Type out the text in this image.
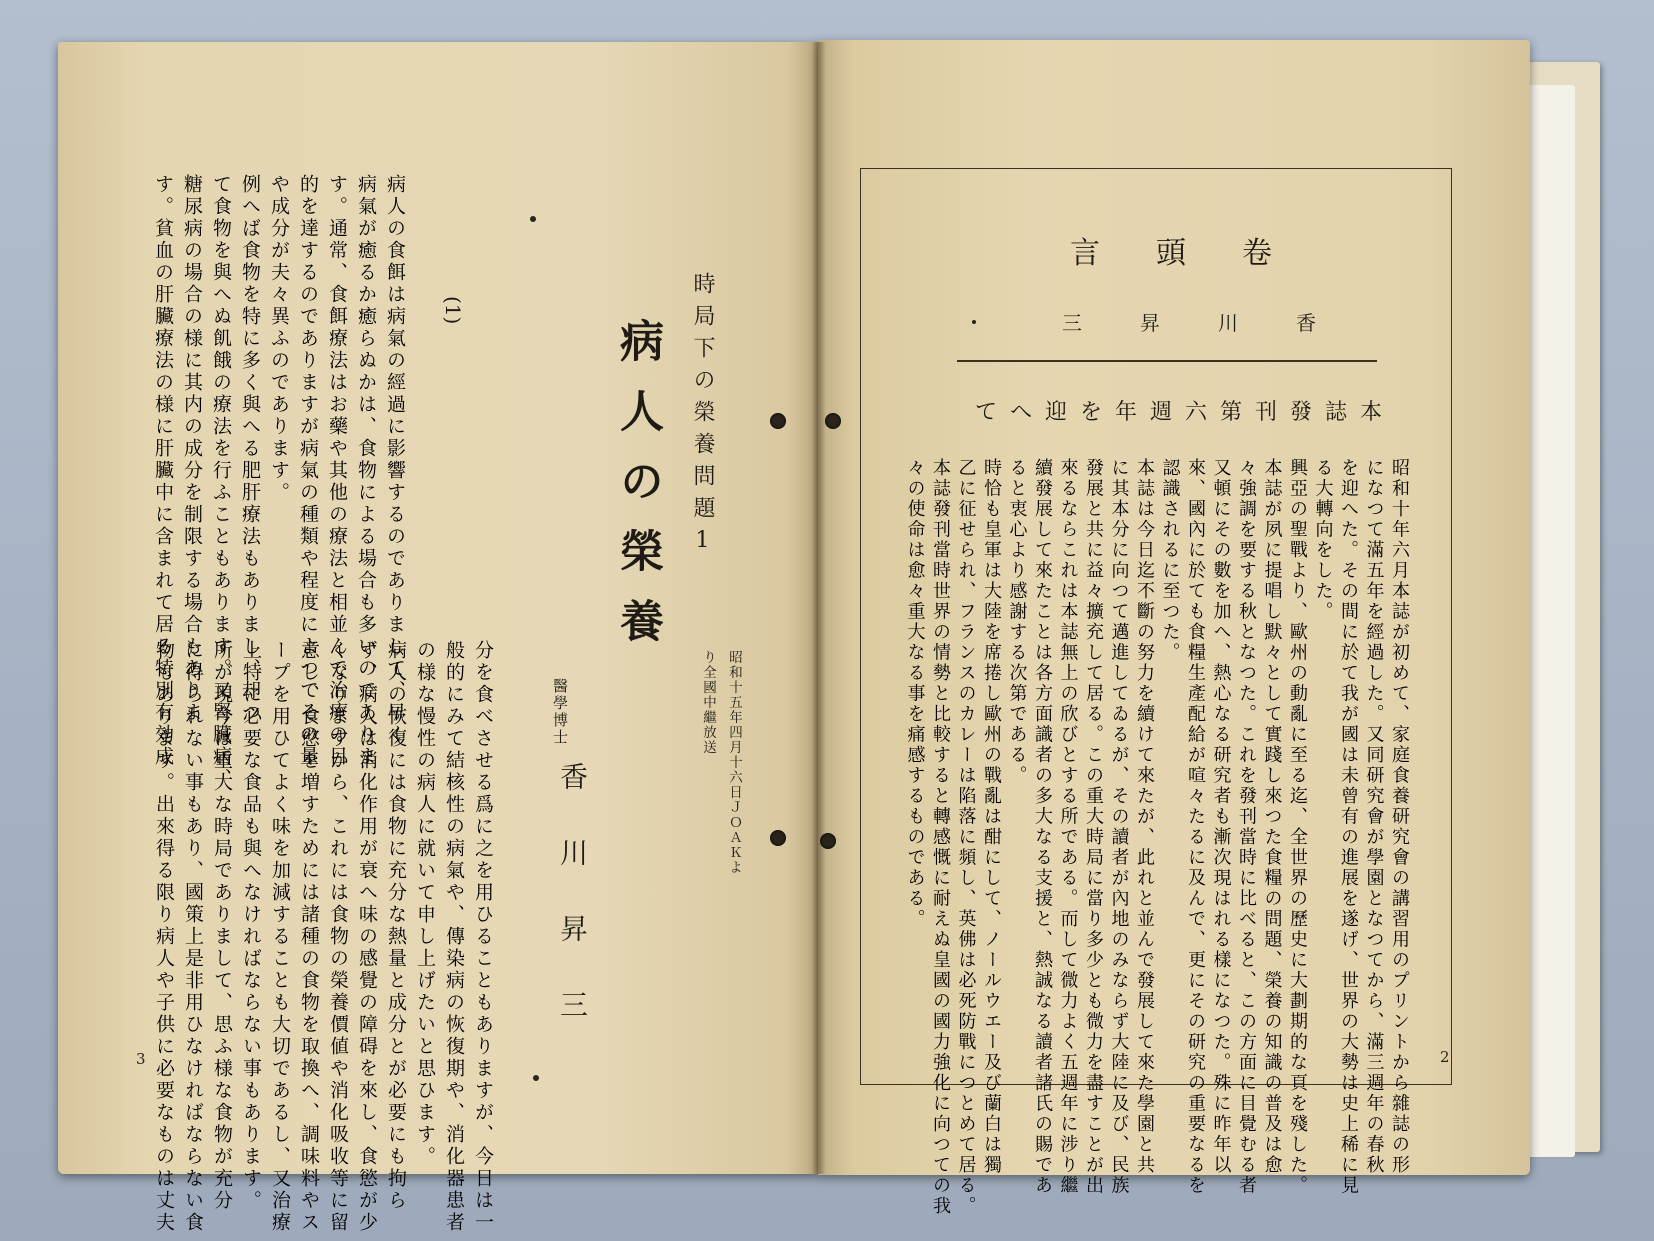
時局下の榮養問題1
病人の榮養
昭和十五年四月十六日ＪＯＡＫより全國中繼放送
醫學博士
香川昇三
(1)
病人の食餌は病氣の經過に影響するのでありまして、早く
病氣が癒るか癒らぬかは、食物による場合も多いのでありま
す。通常、食餌療法はお藥や其他の療法と相並んで治療の目
的を達するのでありますが病氣の種類や程度によつてその量
や成分が夫々異ふのであります。
例へば食物を特に多く與へる肥肝療法もありまし、却つ
て食物を與へぬ飢餓の療法を行ふこともあります。又腎臟病、
糖尿病の場合の様に其内の成分を制限する場合もありま
す。貧血の肝臟療法の様に肝臟中に含まれて居る特別有効成
分を食べさせる爲に之を用ひることもありますが、今日は一
般的にみて結核性の病氣や、傳染病の恢復期や、消化器患者
の様な慢性の病人に就いて申し上げたいと思ひます。
病人の恢復には食物に充分な熱量と成分とが必要にも拘ら
ず、病人は消化作用が衰へ味の感覺の障碍を來し、食慾が少
くなりますから、これには食物の榮養價値や消化吸收等に留
意し、食慾を増すためには諸種の食物を取換へ、調味料やス
ープを用ひてよく味を加減することも大切であるし、又治療
上特に必要な食品も與へなければならない事もあります。
所が現今は重大な時局でありまして、思ふ様な食物が充分
に得られない事もあり、國策上是非用ひなければならない食
物もあります。出來得る限り病人や子供に必要なものは丈夫
3
卷頭言
香川昇三
本誌發刊第六週年を迎へて
昭和十年六月本誌が初めて、家庭食養研究會の講習用のプリントから雜誌の形
になつて滿五年を經過した。又同研究會が學園となつてから、滿三週年の春秋
を迎へた。その間に於て我が國は未曾有の進展を遂げ、世界の大勢は史上稀に見
る大轉向をした。
興亞の聖戰より、歐州の動亂に至る迄、全世界の歷史に大劃期的な頁を殘した。
本誌が夙に提唱し默々として實踐し來つた食糧の問題、榮養の知識の普及は愈
々強調を要する秋となつた。これを發刊當時に比べると、この方面に目覺むる者
又頓にその數を加へ、熱心なる研究者も漸次現はれる樣になつた。殊に昨年以
來、國內に於ても食糧生產配給が喧々たるに及んで、更にその研究の重要なるを
認識されるに至つた。
本誌は今日迄不斷の努力を續けて來たが、此れと並んで發展して來た學園と共
に其本分に向つて邁進してゐるが、その讀者が內地のみならず大陸に及び、民族
發展と共に益々擴充して居る。この重大時局に當り多少とも微力を盡すことが出
來るならこれは本誌無上の欣びとする所である。而して微力よく五週年に涉り繼
續發展して來たことは各方面識者の多大なる支援と、熱誠なる讀者諸氏の賜であ
ると衷心より感謝する次第である。
時恰も皇軍は大陸を席捲し歐州の戰亂は酣にして、ノールウエー及び蘭白は獨
乙に征せられ、フランスのカレーは陷落に頻し、英佛は必死防戰につとめて居る。
本誌發刊當時世界の情勢と比較すると轉感慨に耐えぬ皇國の國力強化に向つての我
々の使命は愈々重大なる事を痛感するものである。
2
